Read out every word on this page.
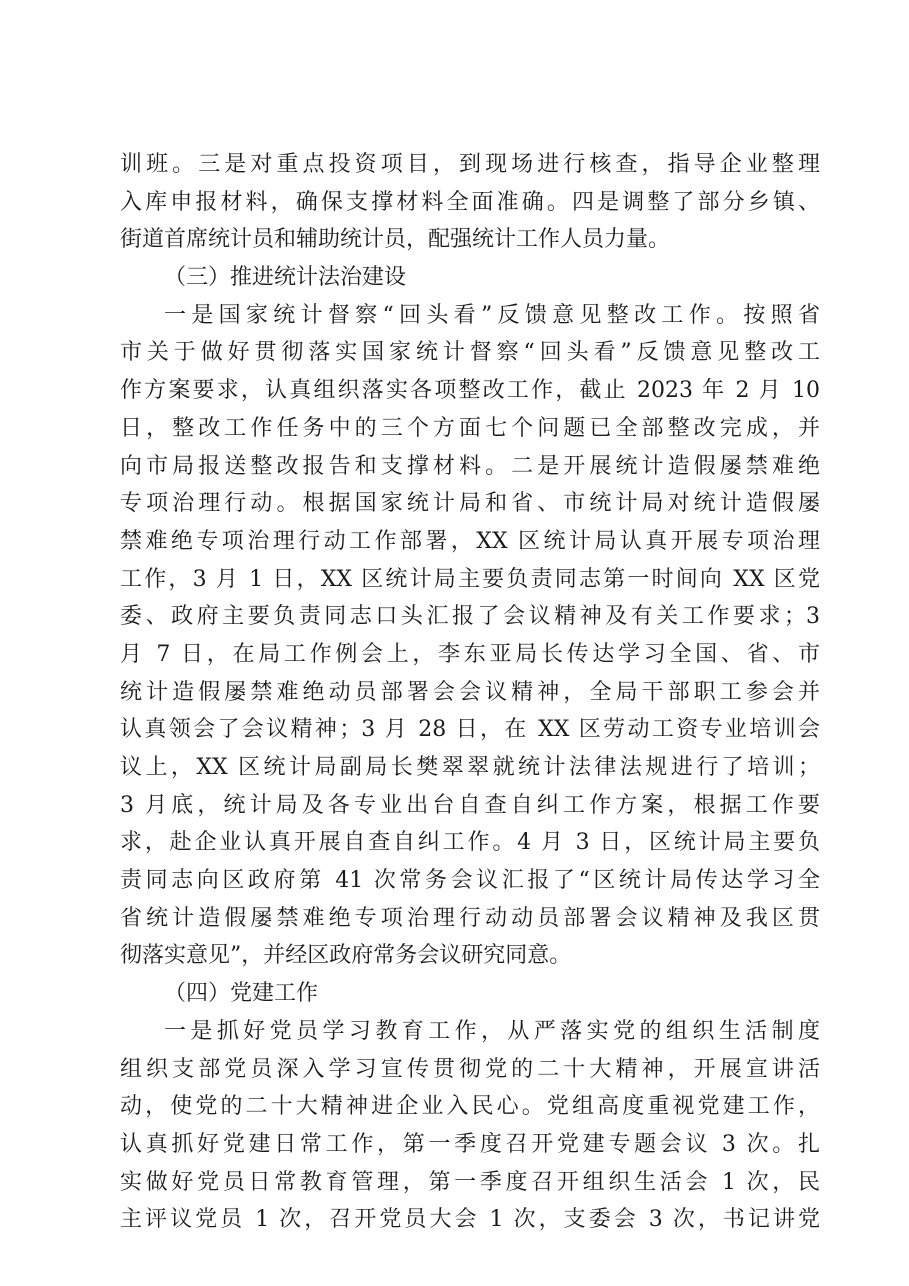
训班。三是对重点投资项目，到现场进行核查，指导企业整理
入库申报材料，确保支撑材料全面准确。四是调整了部分乡镇、
街道首席统计员和辅助统计员，配强统计工作人员力量。
（三）推进统计法治建设
一是国家统计督察“回头看”反馈意见整改工作。按照省
市关于做好贯彻落实国家统计督察“回头看”反馈意见整改工
作方案要求，认真组织落实各项整改工作，截止 2023 年 2 月 10
日，整改工作任务中的三个方面七个问题已全部整改完成，并
向市局报送整改报告和支撑材料。二是开展统计造假屡禁难绝
专项治理行动。根据国家统计局和省、市统计局对统计造假屡
禁难绝专项治理行动工作部署，XX 区统计局认真开展专项治理
工作，3 月 1 日，XX 区统计局主要负责同志第一时间向 XX 区党
委、政府主要负责同志口头汇报了会议精神及有关工作要求；3
月 7 日，在局工作例会上，李东亚局长传达学习全国、省、市
统计造假屡禁难绝动员部署会会议精神，全局干部职工参会并
认真领会了会议精神；3 月 28 日，在 XX 区劳动工资专业培训会
议上，XX 区统计局副局长樊翠翠就统计法律法规进行了培训；
3 月底，统计局及各专业出台自查自纠工作方案，根据工作要
求，赴企业认真开展自查自纠工作。4 月 3 日，区统计局主要负
责同志向区政府第 41 次常务会议汇报了“区统计局传达学习全
省统计造假屡禁难绝专项治理行动动员部署会议精神及我区贯
彻落实意见”，并经区政府常务会议研究同意。
（四）党建工作
一是抓好党员学习教育工作，从严落实党的组织生活制度
组织支部党员深入学习宣传贯彻党的二十大精神，开展宣讲活
动，使党的二十大精神进企业入民心。党组高度重视党建工作，
认真抓好党建日常工作，第一季度召开党建专题会议 3 次。扎
实做好党员日常教育管理，第一季度召开组织生活会 1 次，民
主评议党员 1 次，召开党员大会 1 次，支委会 3 次，书记讲党
